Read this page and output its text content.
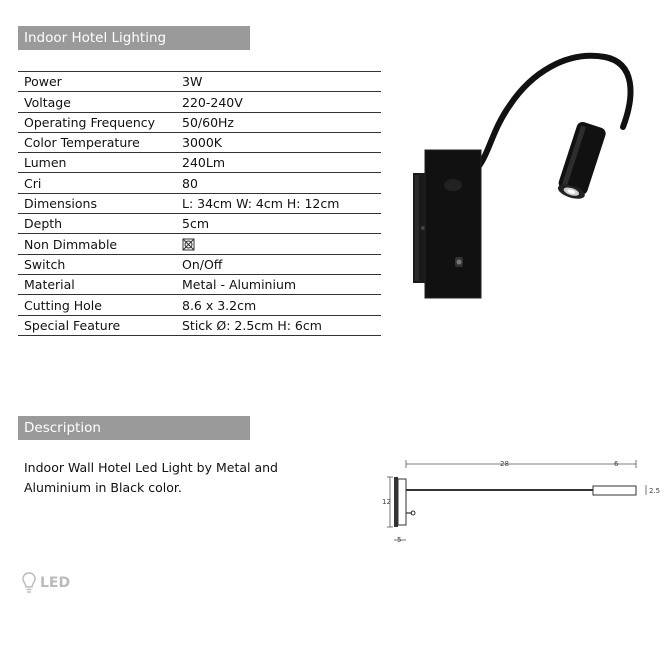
Indoor Hotel Lighting
Power	3W
Voltage	220-240V
Operating Frequency	50/60Hz
Color Temperature	3000K
Lumen	240Lm
Cri	80
Dimensions	L: 34cm W: 4cm H: 12cm
Depth	5cm
Non Dimmable	
Switch	On/Off
Material	Metal - Aluminium
Cutting Hole	8.6 x 3.2cm
Special Feature	Stick Ø: 2.5cm H: 6cm
Description
Indoor Wall Hotel Led Light by Metal and Aluminium in Black color.
28	6
12
5
2.5
LED
